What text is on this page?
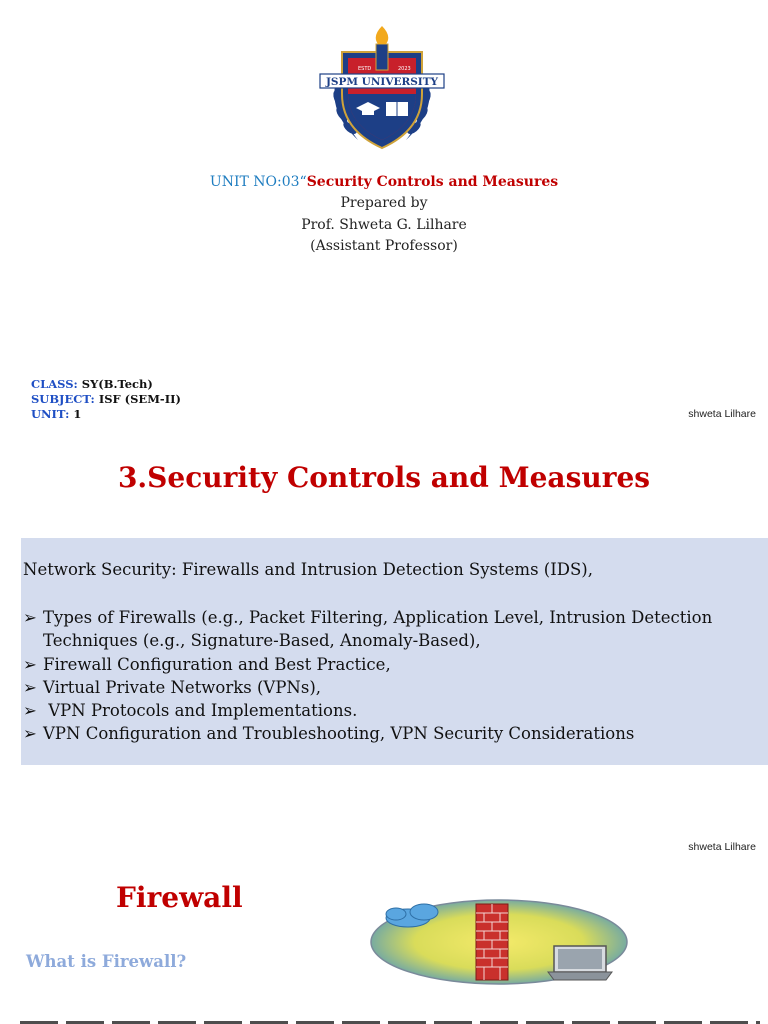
ESTD	2023
JSPM UNIVERSITY
ज्ञानं परमं बलम्
UNIT NO:03“Security Controls and Measures
Prepared by
Prof. Shweta G. Lilhare
(Assistant Professor)
CLASS: SY(B.Tech)
SUBJECT: ISF (SEM-II)
UNIT: 1	shweta Lilhare
3.Security Controls and Measures
Network Security: Firewalls and Intrusion Detection Systems (IDS),
➢ Types of Firewalls (e.g., Packet Filtering, Application Level, Intrusion Detection
Techniques (e.g., Signature-Based, Anomaly-Based),
➢ Firewall Configuration and Best Practice,
➢ Virtual Private Networks (VPNs),
➢ VPN Protocols and Implementations.
➢ VPN Configuration and Troubleshooting, VPN Security Considerations
shweta Lilhare
Firewall
What is Firewall?
